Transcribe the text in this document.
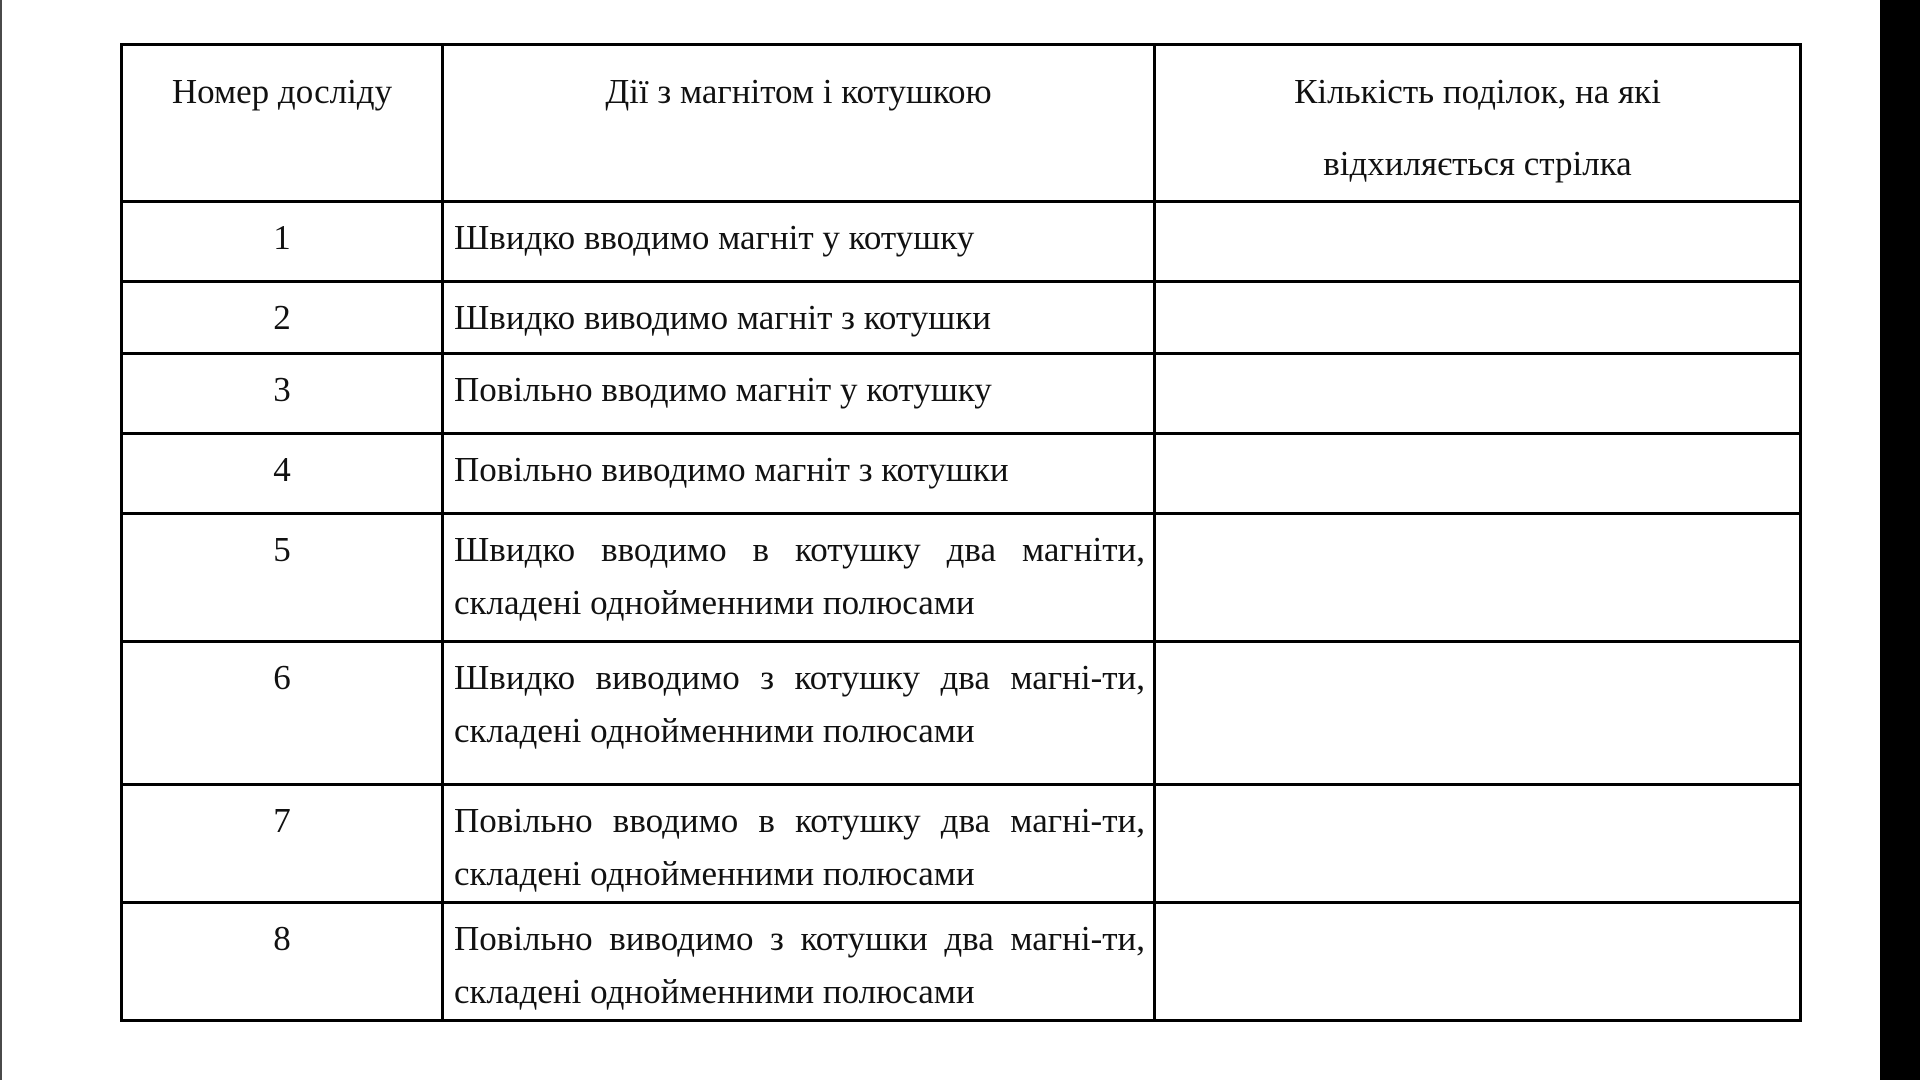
Номер досліду	Дії з магнітом і котушкою	Кількість поділок, на які
відхиляється стрілка

1	Швидко вводимо магніт у котушку	
2	Швидко виводимо магніт з котушки	
3	Повільно вводимо магніт у котушку	
4	Повільно виводимо магніт з котушки	
5	Швидко вводимо в котушку два магніти, складені однойменними полюсами	
6	Швидко виводимо з котушку два магні-ти, складені однойменними полюсами	
7	Повільно вводимо в котушку два магні-ти, складені однойменними полюсами	
8	Повільно виводимо з котушки два магні-ти, складені однойменними полюсами	
